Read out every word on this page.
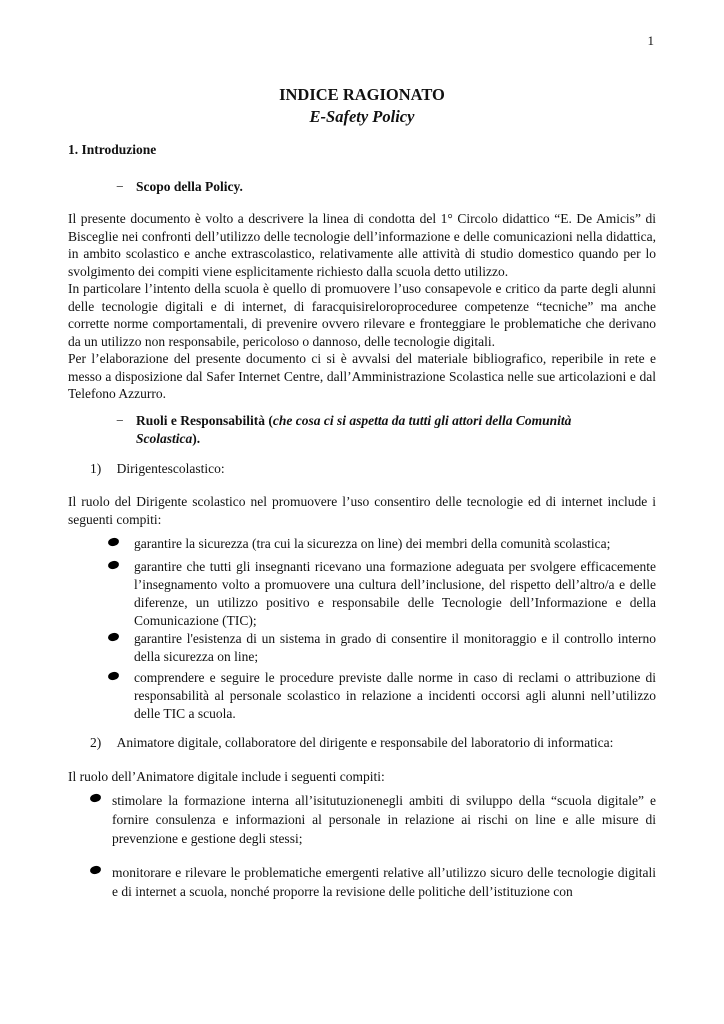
1
INDICE RAGIONATO
E-Safety Policy
1. Introduzione
− Scopo della Policy.
Il presente documento è volto a descrivere la linea di condotta del 1° Circolo didattico “E. De Amicis” di Bisceglie nei confronti dell’utilizzo delle tecnologie dell’informazione e delle comunicazioni nella didattica, in ambito scolastico e anche extrascolastico, relativamente alle attività di studio domestico quando per lo svolgimento dei compiti viene esplicitamente richiesto dalla scuola detto utilizzo.
In particolare l’intento della scuola è quello di promuovere l’uso consapevole e critico da parte degli alunni delle tecnologie digitali e di internet, di faracquisireloroproceduree competenze “tecniche” ma anche corrette norme comportamentali, di prevenire ovvero rilevare e fronteggiare le problematiche che derivano da un utilizzo non responsabile, pericoloso o dannoso, delle tecnologie digitali.
Per l’elaborazione del presente documento ci si è avvalsi del materiale bibliografico, reperibile in rete e messo a disposizione dal Safer Internet Centre, dall’Amministrazione Scolastica nelle sue articolazioni e dal Telefono Azzurro.
− Ruoli e Responsabilità (che cosa ci si aspetta da tutti gli attori della Comunità Scolastica).
1) Dirigentescolastico:
Il ruolo del Dirigente scolastico nel promuovere l’uso consentiro delle tecnologie ed di internet include i seguenti compiti:
garantire la sicurezza (tra cui la sicurezza on line) dei membri della comunità scolastica;
garantire che tutti gli insegnanti ricevano una formazione adeguata per svolgere efficacemente l’insegnamento volto a promuovere una cultura dell’inclusione, del rispetto dell’altro/a e delle diferenze, un utilizzo positivo e responsabile delle Tecnologie dell’Informazione e della Comunicazione (TIC);
garantire l'esistenza di un sistema in grado di consentire il monitoraggio e il controllo interno della sicurezza on line;
comprendere e seguire le procedure previste dalle norme in caso di reclami o attribuzione di responsabilità al personale scolastico in relazione a incidenti occorsi agli alunni nell’utilizzo delle TIC a scuola.
2) Animatore digitale, collaboratore del dirigente e responsabile del laboratorio di informatica:
Il ruolo dell’Animatore digitale include i seguenti compiti:
stimolare la formazione interna all’isitutuzionenegli ambiti di sviluppo della “scuola digitale” e fornire consulenza e informazioni al personale in relazione ai rischi on line e alle misure di prevenzione e gestione degli stessi;
monitorare e rilevare le problematiche emergenti relative all’utilizzo sicuro delle tecnologie digitali e di internet a scuola, nonché proporre la revisione delle politiche dell’istituzione con
